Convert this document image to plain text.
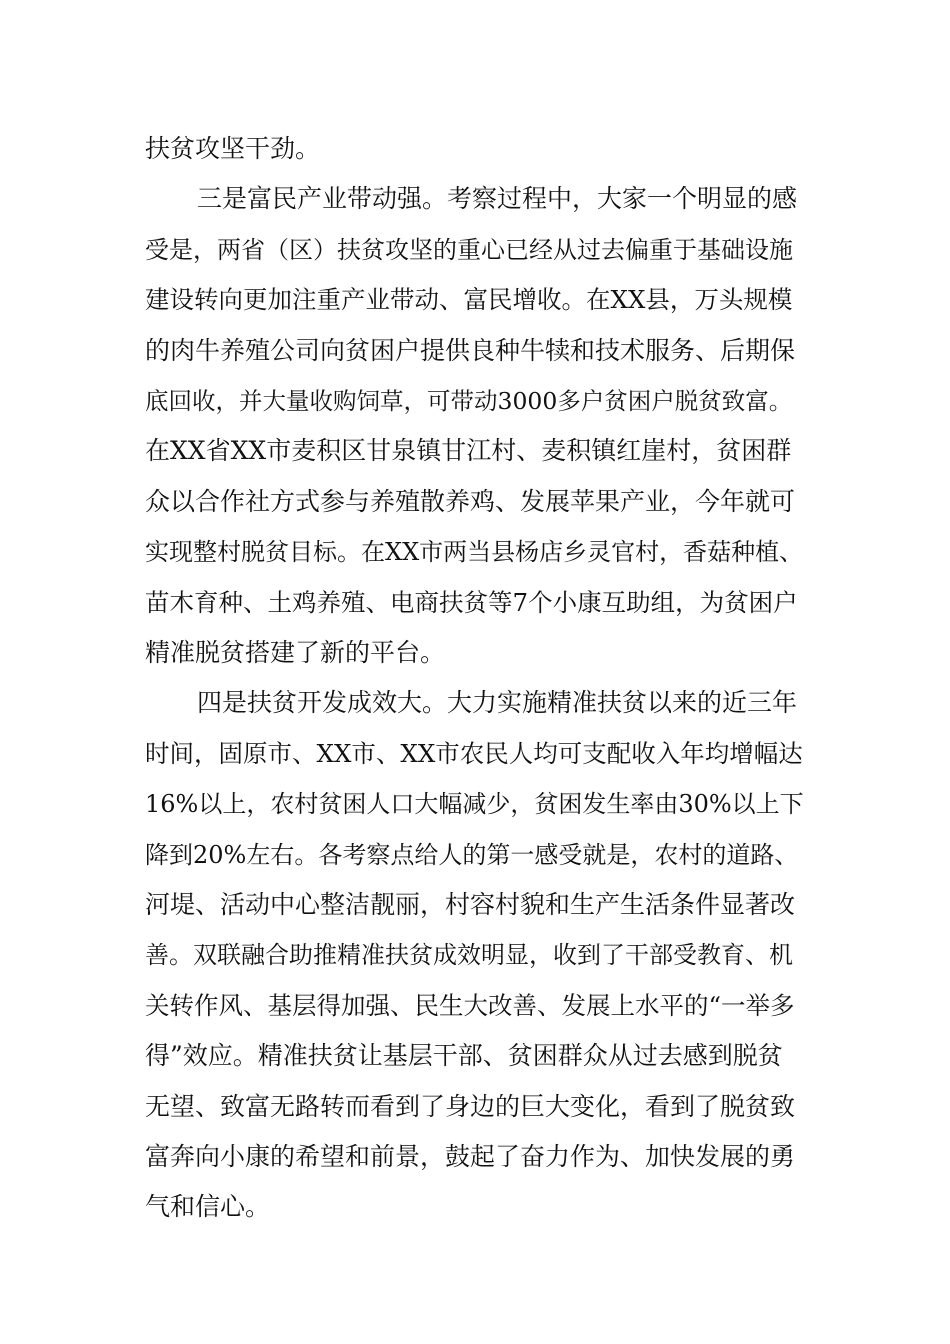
扶贫攻坚干劲。

三是富民产业带动强。考察过程中，大家一个明显的感

受是，两省（区）扶贫攻坚的重心已经从过去偏重于基础设施

建设转向更加注重产业带动、富民增收。在XX县，万头规模

的肉牛养殖公司向贫困户提供良种牛犊和技术服务、后期保

底回收，并大量收购饲草，可带动3000多户贫困户脱贫致富。

在XX省XX市麦积区甘泉镇甘江村、麦积镇红崖村，贫困群

众以合作社方式参与养殖散养鸡、发展苹果产业，今年就可

实现整村脱贫目标。在XX市两当县杨店乡灵官村，香菇种植、

苗木育种、土鸡养殖、电商扶贫等7个小康互助组，为贫困户

精准脱贫搭建了新的平台。

四是扶贫开发成效大。大力实施精准扶贫以来的近三年

时间，固原市、XX市、XX市农民人均可支配收入年均增幅达

16%以上，农村贫困人口大幅减少，贫困发生率由30%以上下

降到20%左右。各考察点给人的第一感受就是，农村的道路、

河堤、活动中心整洁靓丽，村容村貌和生产生活条件显著改

善。双联融合助推精准扶贫成效明显，收到了干部受教育、机

关转作风、基层得加强、民生大改善、发展上水平的“一举多

得”效应。精准扶贫让基层干部、贫困群众从过去感到脱贫

无望、致富无路转而看到了身边的巨大变化，看到了脱贫致

富奔向小康的希望和前景，鼓起了奋力作为、加快发展的勇

气和信心。
